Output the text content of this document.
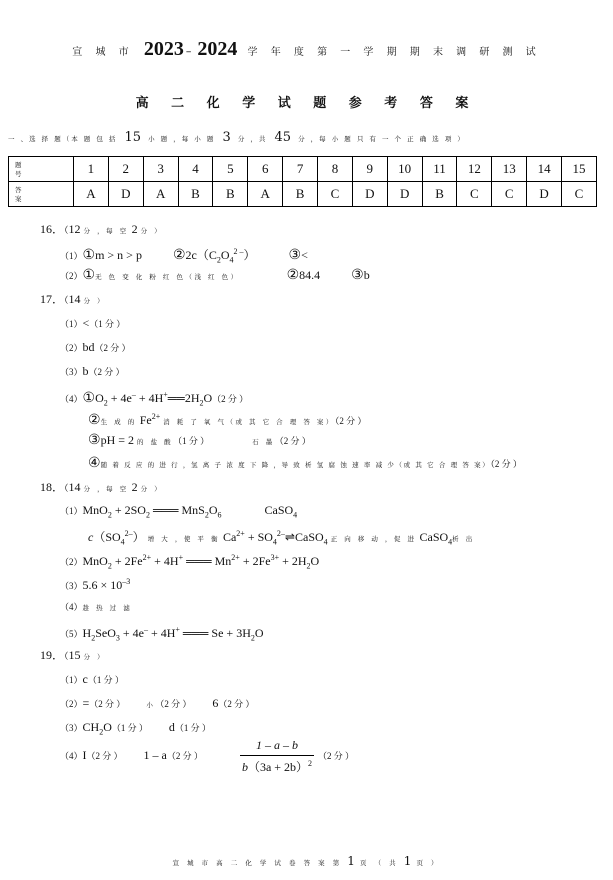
宣 城 市 2023 – 2024 学 年 度 第 一 学 期 期 末 调 研 测 试
高 二 化 学 试 题 参 考 答 案
一 、选 择 题（本 题 包 括 15 小 题 ，每 小 题 3 分 ，共 45 分 ，每 小 题 只 有 一 个 正 确 选 项 ）
题 号	1	2	3	4	5	6	7	8	9	10	11	12	13	14	15
答 案	A	D	A	B	B	A	B	C	D	D	B	C	C	D	C
16．（12 分 ，每 空 2 分 ）
（1）①m > n > p $②2c(C_2O_4^{2 -})$ ③<
（2）①无 色 变 化 粉 红 色（浅 红 色）	②84.4 ③b
17．（14 分 ）
（1）<（1 分 ）
（2）bd（2 分 ）
（3）b（2 分 ）
$(4)①O_2 + 4e^-$ + $4H^+══2H_2O(2$ 分 ）
②生 成 的 $Fe^{2+}$ 消 耗 了 氧 气（或 其 它 合 理 答 案）（2 分 ）
③pH = 2 的 盐 酸（1 分 ）	石 墨（2 分 ）
④随 着 反 应 的 进 行 ，氢 离 子 浓 度 下 降 ，导 致 析 氢 腐 蚀 速 率 减 少（或 其 它 合 理 答 案）（2 分 ）
18．（14 分 ，每 空 2 分 ）
$(1)MnO_2 + 2SO_2$ ═══ $MnS_2O_6$	CaSO$_4$
$c(SO_4^{2-})$ 增 大 ，使 平 衡 $Ca^{2+}$ + $SO_4^{2-}\rightleftharpoons CaSO_4$ 正 向 移 动 ，促 进 CaSO$_4$析 出
$(2)MnO_2 + 2Fe^{2+} + 4H^+$ ═══ $Mn^{2+} + 2Fe^{3+} + 2H_2O$
$(3)5.6 \times 10^{-3}$
（4）趁 热 过 滤
$(5)H_2SeO_3 + 4e^- + 4H^+$ ═══ $Se + 3H_2O$
19．（15 分 ）
（1）c（1 分 ）
（2）=（2 分 ）	小（2 分 ） 6（2 分 ）
$(3)CH_2O(1$ 分 ） d（1 分 ）
（4）I（2 分 ） 1 – a（2 分 ）
1 – a – b
$b(3a + 2b)^2$
（2 分 ）
宣 城 市 高 二 化 学 试 卷 答 案 第 1 页 （ 共 1 页 ）
